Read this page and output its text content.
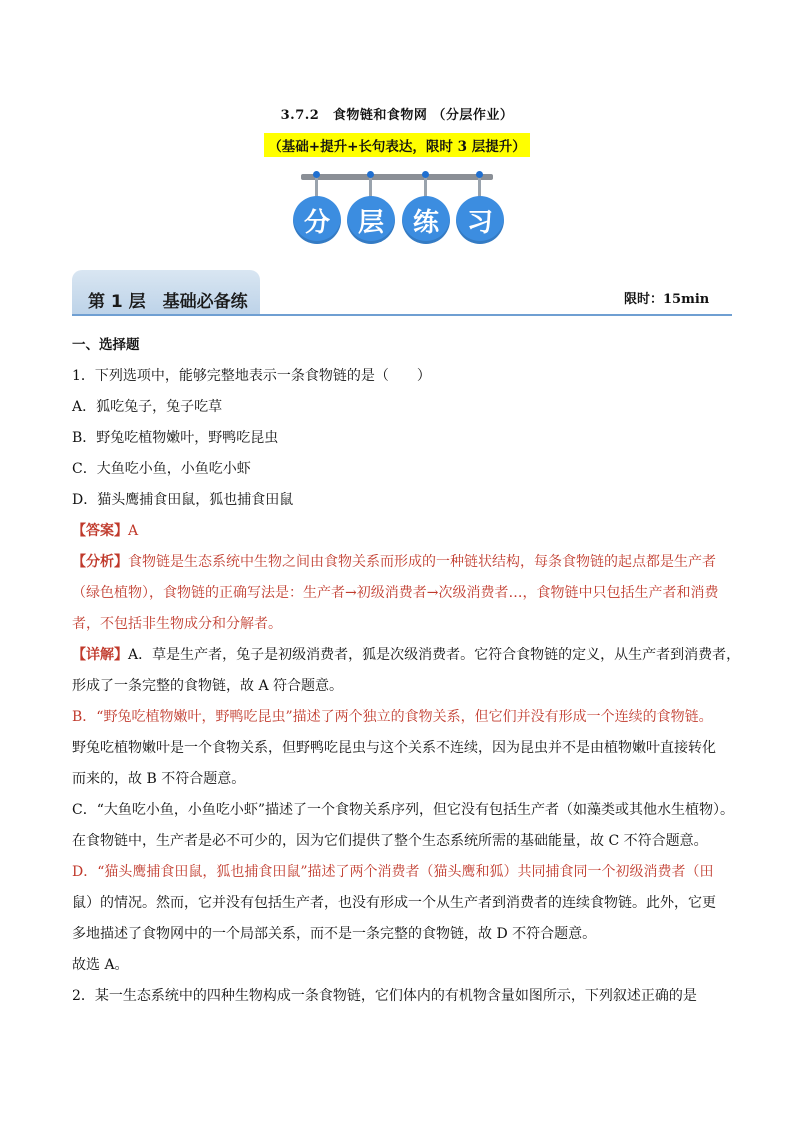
3.7.2　食物链和食物网 （分层作业）
（基础+提升+长句表达，限时 3 层提升）
分	层	练	习
第 1 层　基础必备练	限时：15min
一、选择题
1．下列选项中，能够完整地表示一条食物链的是（　　）
A．狐吃兔子，兔子吃草
B．野兔吃植物嫩叶，野鸭吃昆虫
C．大鱼吃小鱼，小鱼吃小虾
D．猫头鹰捕食田鼠，狐也捕食田鼠
【答案】A
【分析】食物链是生态系统中生物之间由食物关系而形成的一种链状结构，每条食物链的起点都是生产者
（绿色植物），食物链的正确写法是：生产者→初级消费者→次级消费者…，食物链中只包括生产者和消费
者，不包括非生物成分和分解者。
【详解】A．草是生产者，兔子是初级消费者，狐是次级消费者。它符合食物链的定义，从生产者到消费者，
形成了一条完整的食物链，故 A 符合题意。
B．“野兔吃植物嫩叶，野鸭吃昆虫”描述了两个独立的食物关系，但它们并没有形成一个连续的食物链。
野兔吃植物嫩叶是一个食物关系，但野鸭吃昆虫与这个关系不连续，因为昆虫并不是由植物嫩叶直接转化
而来的，故 B 不符合题意。
C．“大鱼吃小鱼，小鱼吃小虾”描述了一个食物关系序列，但它没有包括生产者（如藻类或其他水生植物）。
在食物链中，生产者是必不可少的，因为它们提供了整个生态系统所需的基础能量，故 C 不符合题意。
D．“猫头鹰捕食田鼠，狐也捕食田鼠”描述了两个消费者（猫头鹰和狐）共同捕食同一个初级消费者（田
鼠）的情况。然而，它并没有包括生产者，也没有形成一个从生产者到消费者的连续食物链。此外，它更
多地描述了食物网中的一个局部关系，而不是一条完整的食物链，故 D 不符合题意。
故选 A。
2．某一生态系统中的四种生物构成一条食物链，它们体内的有机物含量如图所示，下列叙述正确的是
